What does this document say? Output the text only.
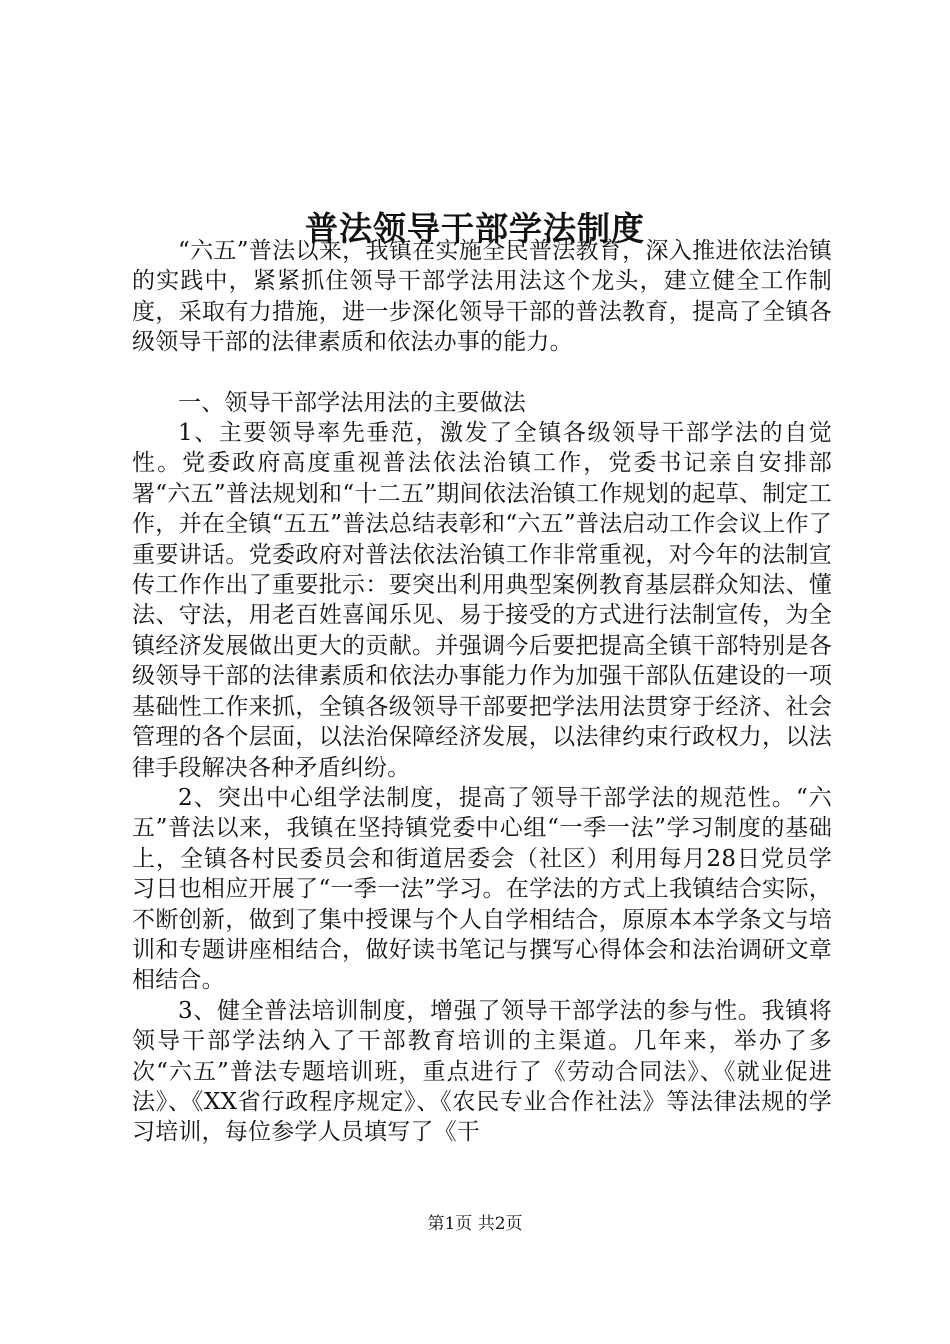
普法领导干部学法制度

“六五”普法以来，我镇在实施全民普法教育，深入推进依法治镇的实践中，紧紧抓住领导干部学法用法这个龙头，建立健全工作制度，采取有力措施，进一步深化领导干部的普法教育，提高了全镇各级领导干部的法律素质和依法办事的能力。

一、领导干部学法用法的主要做法

1、主要领导率先垂范，激发了全镇各级领导干部学法的自觉性。党委政府高度重视普法依法治镇工作，党委书记亲自安排部署“六五”普法规划和“十二五”期间依法治镇工作规划的起草、制定工作，并在全镇“五五”普法总结表彰和“六五”普法启动工作会议上作了重要讲话。党委政府对普法依法治镇工作非常重视，对今年的法制宣传工作作出了重要批示：要突出利用典型案例教育基层群众知法、懂法、守法，用老百姓喜闻乐见、易于接受的方式进行法制宣传，为全镇经济发展做出更大的贡献。并强调今后要把提高全镇干部特别是各级领导干部的法律素质和依法办事能力作为加强干部队伍建设的一项基础性工作来抓，全镇各级领导干部要把学法用法贯穿于经济、社会管理的各个层面，以法治保障经济发展，以法律约束行政权力，以法律手段解决各种矛盾纠纷。

2、突出中心组学法制度，提高了领导干部学法的规范性。“六五”普法以来，我镇在坚持镇党委中心组“一季一法”学习制度的基础上，全镇各村民委员会和街道居委会（社区）利用每月28日党员学习日也相应开展了“一季一法”学习。在学法的方式上我镇结合实际，不断创新，做到了集中授课与个人自学相结合，原原本本学条文与培训和专题讲座相结合，做好读书笔记与撰写心得体会和法治调研文章相结合。

3、健全普法培训制度，增强了领导干部学法的参与性。我镇将领导干部学法纳入了干部教育培训的主渠道。几年来，举办了多次“六五”普法专题培训班，重点进行了《劳动合同法》、《就业促进法》、《XX省行政程序规定》、《农民专业合作社法》等法律法规的学习培训，每位参学人员填写了《干

第1页 共2页
